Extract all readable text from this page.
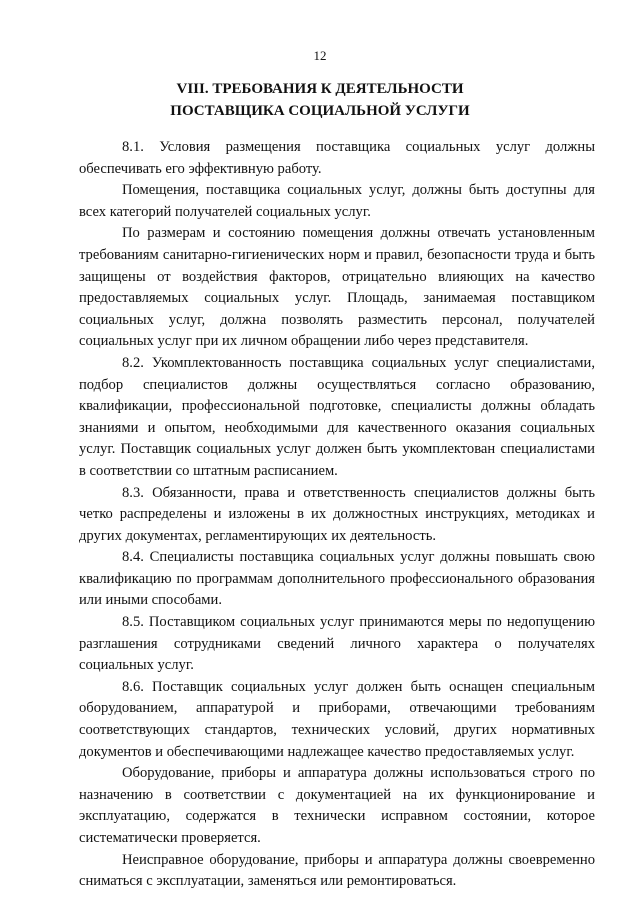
12
VIII. ТРЕБОВАНИЯ К ДЕЯТЕЛЬНОСТИ
ПОСТАВЩИКА СОЦИАЛЬНОЙ УСЛУГИ

8.1. Условия размещения поставщика социальных услуг должны обеспечивать его эффективную работу.

Помещения, поставщика социальных услуг, должны быть доступны для всех категорий получателей социальных услуг.

По размерам и состоянию помещения должны отвечать установленным требованиям санитарно-гигиенических норм и правил, безопасности труда и быть защищены от воздействия факторов, отрицательно влияющих на качество предоставляемых социальных услуг. Площадь, занимаемая поставщиком социальных услуг, должна позволять разместить персонал, получателей социальных услуг при их личном обращении либо через представителя.

8.2. Укомплектованность поставщика социальных услуг специалистами, подбор специалистов должны осуществляться согласно образованию, квалификации, профессиональной подготовке, специалисты должны обладать знаниями и опытом, необходимыми для качественного оказания социальных услуг. Поставщик социальных услуг должен быть укомплектован специалистами в соответствии со штатным расписанием.

8.3. Обязанности, права и ответственность специалистов должны быть четко распределены и изложены в их должностных инструкциях, методиках и других документах, регламентирующих их деятельность.

8.4. Специалисты поставщика социальных услуг должны повышать свою квалификацию по программам дополнительного профессионального образования или иными способами.

8.5. Поставщиком социальных услуг принимаются меры по недопущению разглашения сотрудниками сведений личного характера о получателях социальных услуг.

8.6. Поставщик социальных услуг должен быть оснащен специальным оборудованием, аппаратурой и приборами, отвечающими требованиям соответствующих стандартов, технических условий, других нормативных документов и обеспечивающими надлежащее качество предоставляемых услуг.

Оборудование, приборы и аппаратура должны использоваться строго по назначению в соответствии с документацией на их функционирование и эксплуатацию, содержатся в технически исправном состоянии, которое систематически проверяется.

Неисправное оборудование, приборы и аппаратура должны своевременно сниматься с эксплуатации, заменяться или ремонтироваться.
